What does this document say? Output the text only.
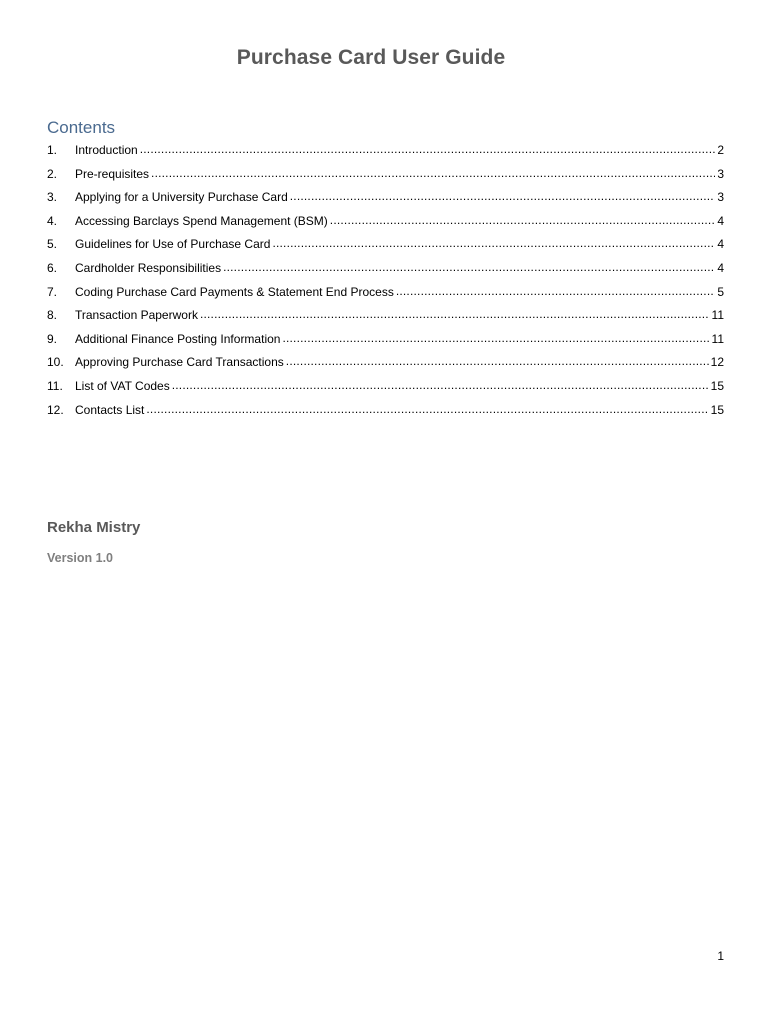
Purchase Card User Guide
Contents
1.	Introduction .....	2
2.	Pre-requisites .....	3
3.	Applying for a University Purchase Card .....	3
4.	Accessing Barclays Spend Management (BSM) .....	4
5.	Guidelines for Use of Purchase Card .....	4
6.	Cardholder Responsibilities .....	4
7.	Coding Purchase Card Payments & Statement End Process .....	5
8.	Transaction Paperwork .....	11
9.	Additional Finance Posting Information .....	11
10. Approving Purchase Card Transactions .....	12
11.	List of VAT Codes .....	15
12. Contacts List .....	15
Rekha Mistry
Version 1.0
1
